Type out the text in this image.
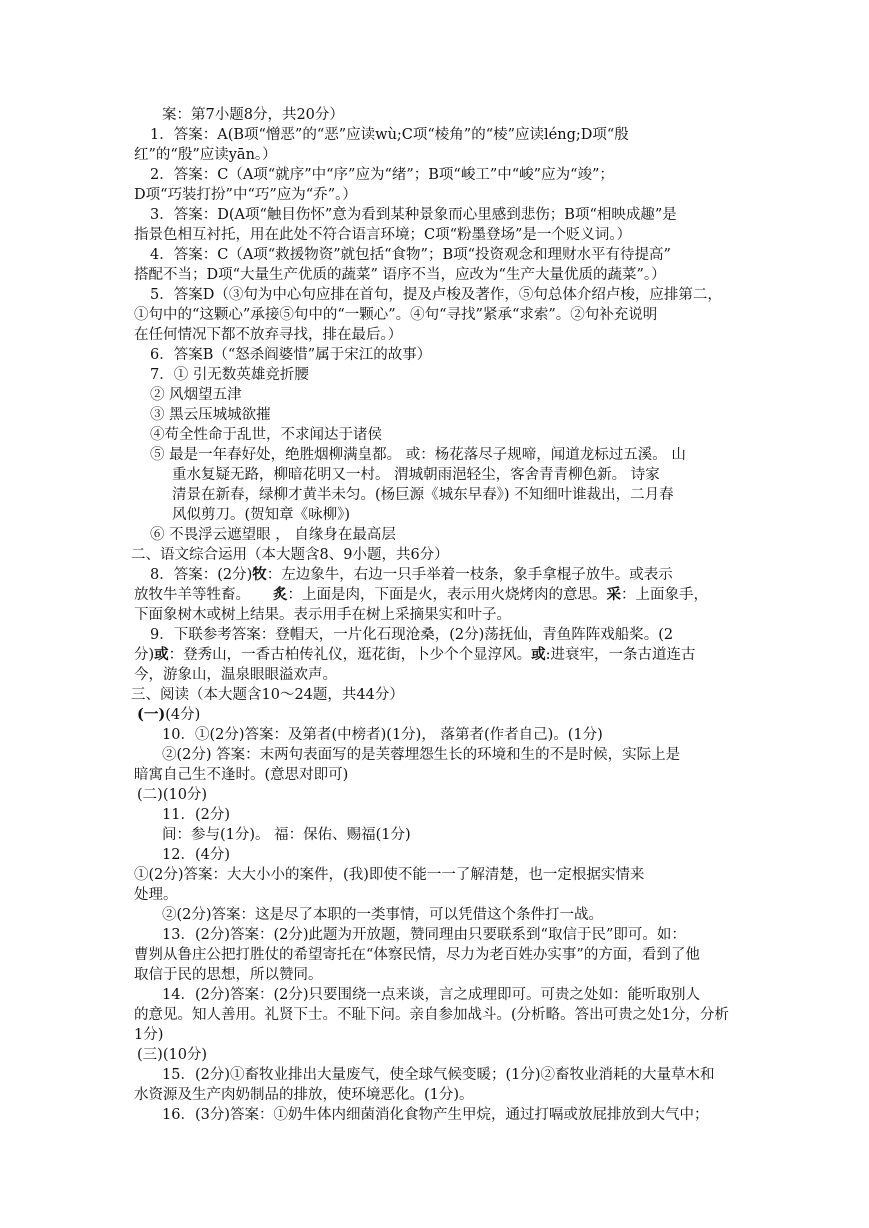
案：第7小题8分，共20分）
1．答案：A(B项“憎恶”的“恶”应读wù;C项“棱角”的“棱”应读léng;D项“殷
红”的“殷”应读yān。）
2．答案：C（A项“就序”中“序”应为“绪”；B项“峻工”中“峻”应为“竣”；
D项“巧装打扮”中“巧”应为“乔”。）
3．答案：D(A项“触目伤怀”意为看到某种景象而心里感到悲伤；B项“相映成趣”是
指景色相互衬托，用在此处不符合语言环境；C项“粉墨登场”是一个贬义词。）
4．答案：C（A项“救援物资”就包括“食物”；B项“投资观念和理财水平有待提高”
搭配不当；D项“大量生产优质的蔬菜” 语序不当，应改为“生产大量优质的蔬菜”。）
5．答案D（③句为中心句应排在首句，提及卢梭及著作，⑤句总体介绍卢梭，应排第二，
①句中的“这颗心”承接⑤句中的“一颗心”。④句“寻找”紧承“求索”。②句补充说明
在任何情况下都不放弃寻找，排在最后。）
6．答案B（“怒杀阎婆惜”属于宋江的故事）
7．① 引无数英雄竞折腰
② 风烟望五津
③ 黑云压城城欲摧
④苟全性命于乱世，不求闻达于诸侯
⑤ 最是一年春好处，绝胜烟柳满皇都。 或：杨花落尽子规啼，闻道龙标过五溪。 山
重水复疑无路，柳暗花明又一村。 渭城朝雨浥轻尘，客舍青青柳色新。 诗家
清景在新春，绿柳才黄半未匀。(杨巨源《城东早春》) 不知细叶谁裁出，二月春
风似剪刀。(贺知章《咏柳》)
⑥ 不畏浮云遮望眼 ， 自缘身在最高层
二、语文综合运用（本大题含8、9小题，共6分）
8．答案：(2分)牧：左边象牛，右边一只手举着一枝条，象手拿棍子放牛。或表示
放牧牛羊等牲畜。 炙：上面是肉，下面是火，表示用火烧烤肉的意思。采：上面象手，
下面象树木或树上结果。表示用手在树上采摘果实和叶子。
9．下联参考答案：登帽天，一片化石现沧桑，(2分)荡抚仙，青鱼阵阵戏船桨。(2
分)或：登秀山，一香古柏传礼仪，逛花街，卜少个个显淳风。或:进衰牢，一条古道连古
今，游象山，温泉眼眼溢欢声。
三、阅读（本大题含10～24题，共44分）
(一)(4分)
10．①(2分)答案：及第者(中榜者)(1分)， 落第者(作者自己)。(1分)
②(2分) 答案：末两句表面写的是芙蓉埋怨生长的环境和生的不是时候，实际上是
暗寓自己生不逢时。(意思对即可)
(二)(10分)
11．(2分)
间：参与(1分)。 福：保佑、赐福(1分)
12．(4分)
①(2分)答案：大大小小的案件，(我)即使不能一一了解清楚，也一定根据实情来
处理。
②(2分)答案：这是尽了本职的一类事情，可以凭借这个条件打一战。
13．(2分)答案：(2分)此题为开放题，赞同理由只要联系到“取信于民”即可。如：
曹刿从鲁庄公把打胜仗的希望寄托在“体察民情，尽力为老百姓办实事”的方面，看到了他
取信于民的思想，所以赞同。
14．(2分)答案：(2分)只要围绕一点来谈，言之成理即可。可贵之处如：能听取别人
的意见。知人善用。礼贤下士。不耻下问。亲自参加战斗。(分析略。答出可贵之处1分，分析
1分)
(三)(10分)
15．(2分)①畜牧业排出大量废气，使全球气候变暖；(1分)②畜牧业消耗的大量草木和
水资源及生产肉奶制品的排放，使环境恶化。(1分)。
16．(3分)答案：①奶牛体内细菌消化食物产生甲烷，通过打嗝或放屁排放到大气中；
